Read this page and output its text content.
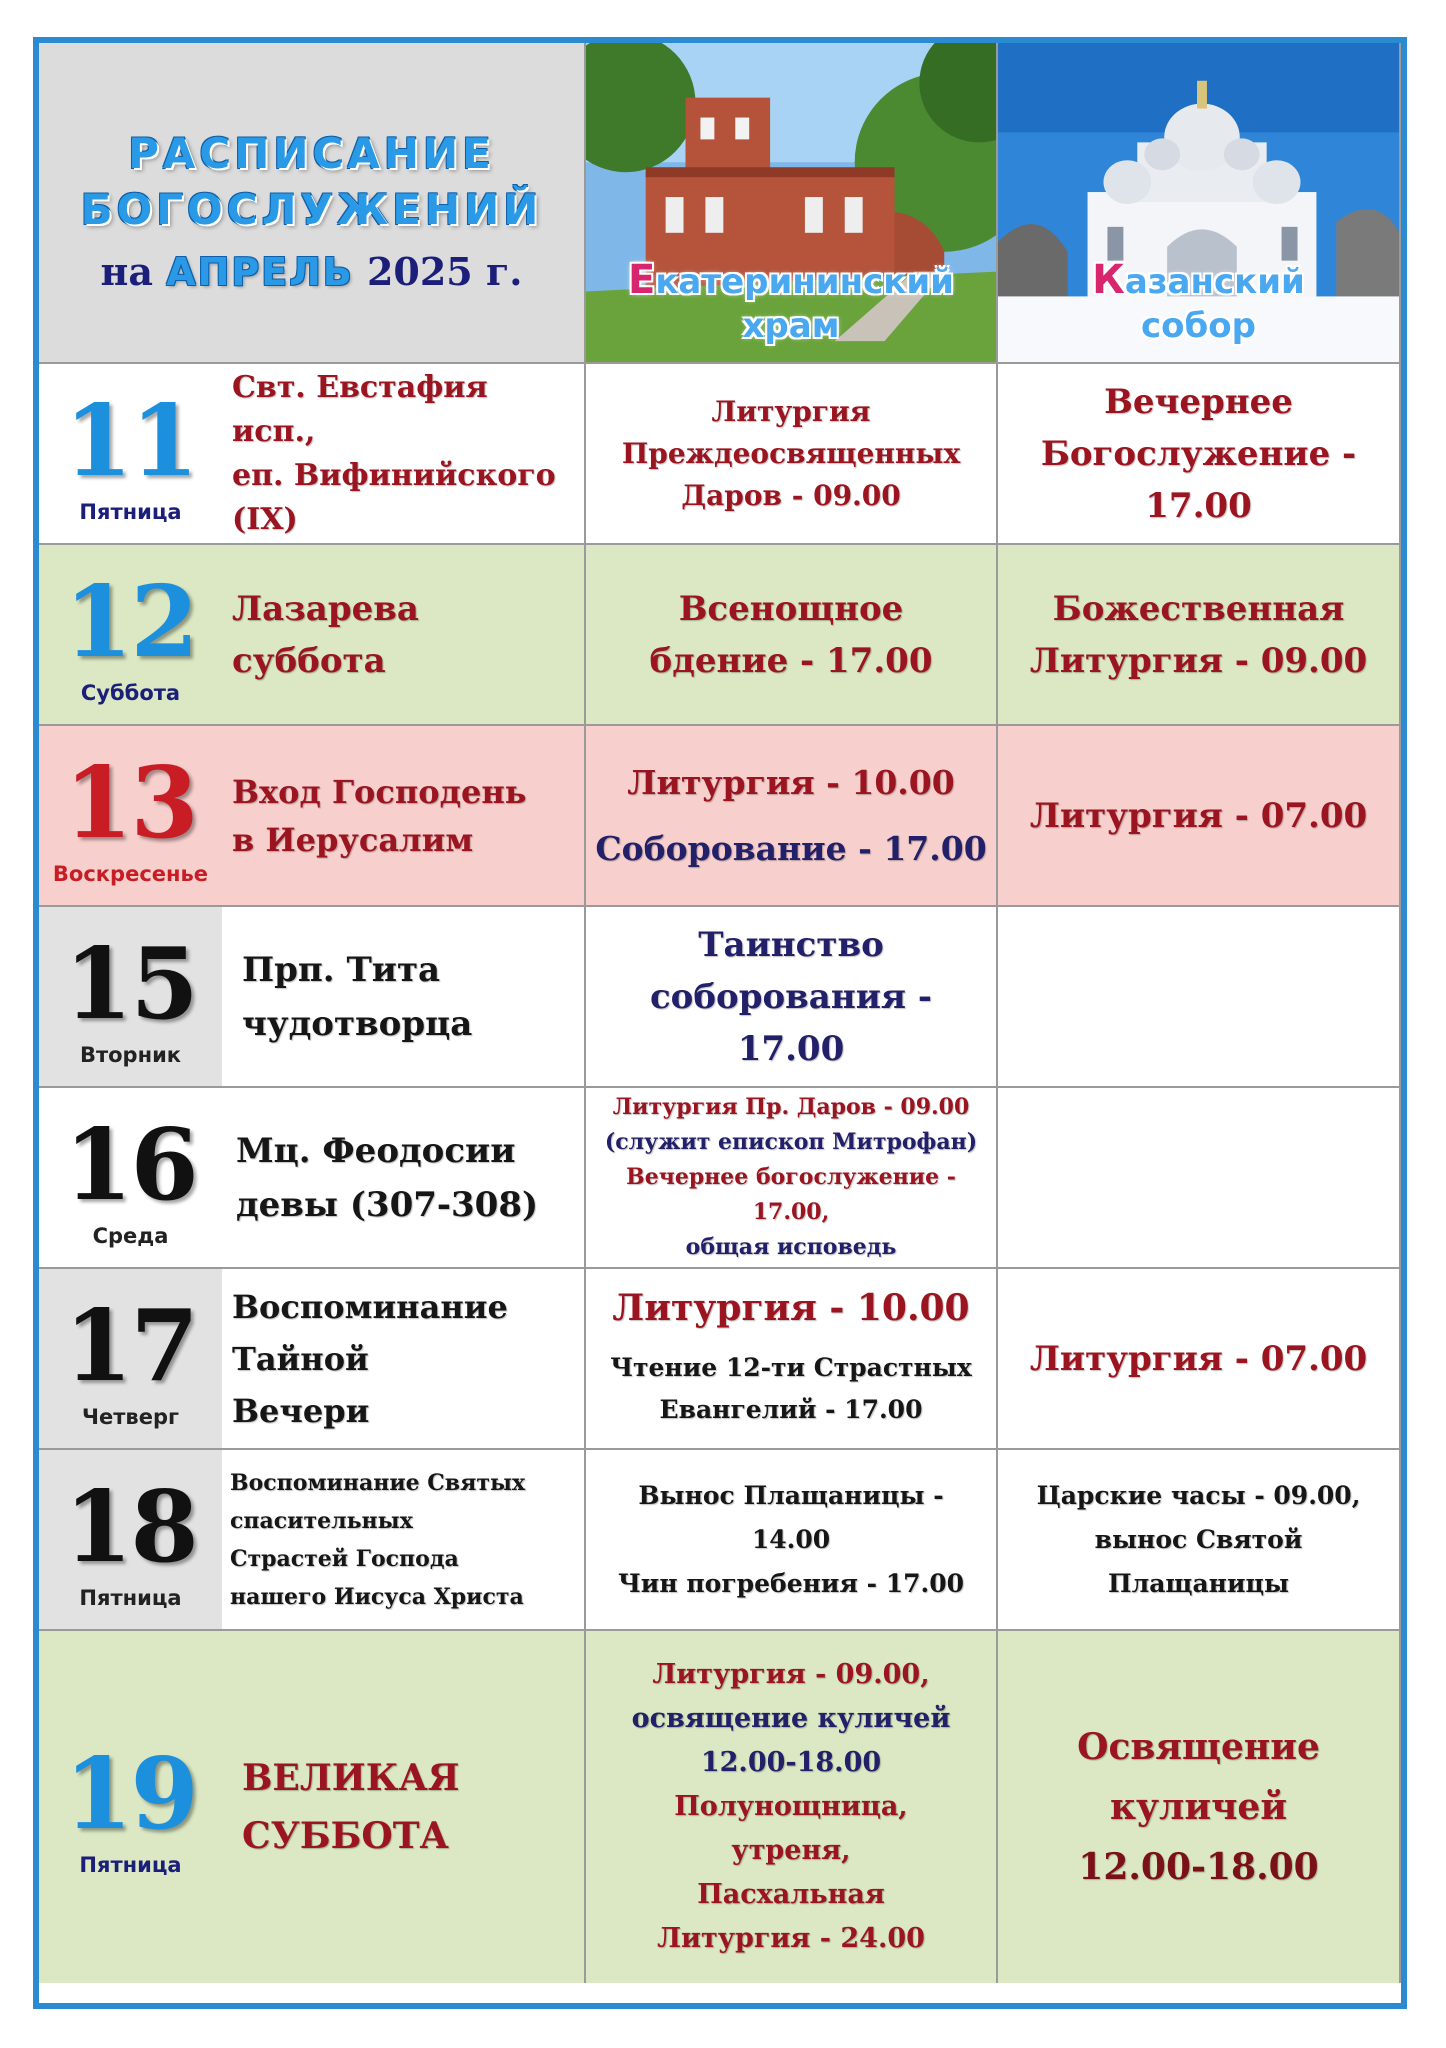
РАСПИСАНИЕ
БОГОСЛУЖЕНИЙ
на АПРЕЛЬ 2025 г.	Екатерининский
храм
Казанский
собор
11
Пятница
Свт. Евстафия исп.,
еп. Вифинийского
(IX)
Литургия
Преждеосвященных
Даров - 09.00
Вечернее
Богослужение -
17.00
12
Суббота
Лазарева
суббота
Всенощное
бдение - 17.00
Божественная
Литургия - 09.00
13
Воскресенье
Вход Господень
в Иерусалим
Литургия - 10.00
Соборование - 17.00
Литургия - 07.00
15
Вторник
Прп. Тита
чудотворца
Таинство
соборования - 17.00
16
Среда
Мц. Феодосии
девы (307-308)
Литургия Пр. Даров - 09.00
(служит епископ Митрофан)
Вечернее богослужение - 17.00,
общая исповедь
17
Четверг
Воспоминание
Тайной
Вечери
Литургия - 10.00
Чтение 12-ти Страстных
Евангелий - 17.00
Литургия - 07.00
18
Пятница
Воспоминание Святых
спасительных
Страстей Господа
нашего Иисуса Христа
Вынос Плащаницы -
14.00
Чин погребения - 17.00
Царские часы - 09.00,
вынос Святой
Плащаницы
19
Пятница
ВЕЛИКАЯ
СУББОТА
Литургия - 09.00,
освящение куличей
12.00-18.00
Полунощница,
утреня,
Пасхальная
Литургия - 24.00
Освящение
куличей
12.00-18.00
